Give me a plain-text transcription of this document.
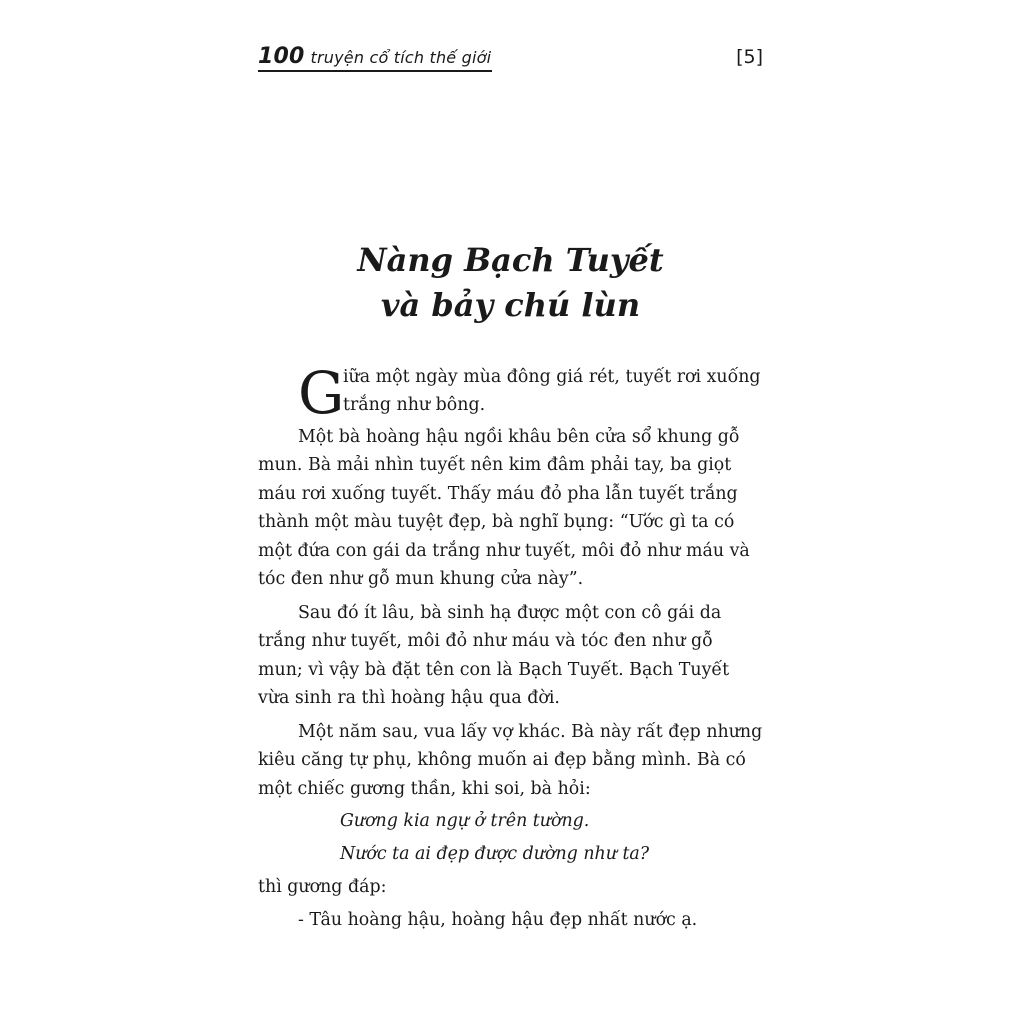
100 truyện cổ tích thế giới	[5]
Nàng Bạch Tuyết
và bảy chú lùn
G
iữa một ngày mùa đông giá rét, tuyết rơi xuống
trắng như bông.
Một bà hoàng hậu ngồi khâu bên cửa sổ khung gỗ
mun. Bà mải nhìn tuyết nên kim đâm phải tay, ba giọt
máu rơi xuống tuyết. Thấy máu đỏ pha lẫn tuyết trắng
thành một màu tuyệt đẹp, bà nghĩ bụng: “Ước gì ta có
một đứa con gái da trắng như tuyết, môi đỏ như máu và
tóc đen như gỗ mun khung cửa này”.
Sau đó ít lâu, bà sinh hạ được một con cô gái da
trắng như tuyết, môi đỏ như máu và tóc đen như gỗ
mun; vì vậy bà đặt tên con là Bạch Tuyết. Bạch Tuyết
vừa sinh ra thì hoàng hậu qua đời.
Một năm sau, vua lấy vợ khác. Bà này rất đẹp nhưng
kiêu căng tự phụ, không muốn ai đẹp bằng mình. Bà có
một chiếc gương thần, khi soi, bà hỏi:
Gương kia ngự ở trên tường.
Nước ta ai đẹp được dường như ta?
thì gương đáp:
- Tâu hoàng hậu, hoàng hậu đẹp nhất nước ạ.
